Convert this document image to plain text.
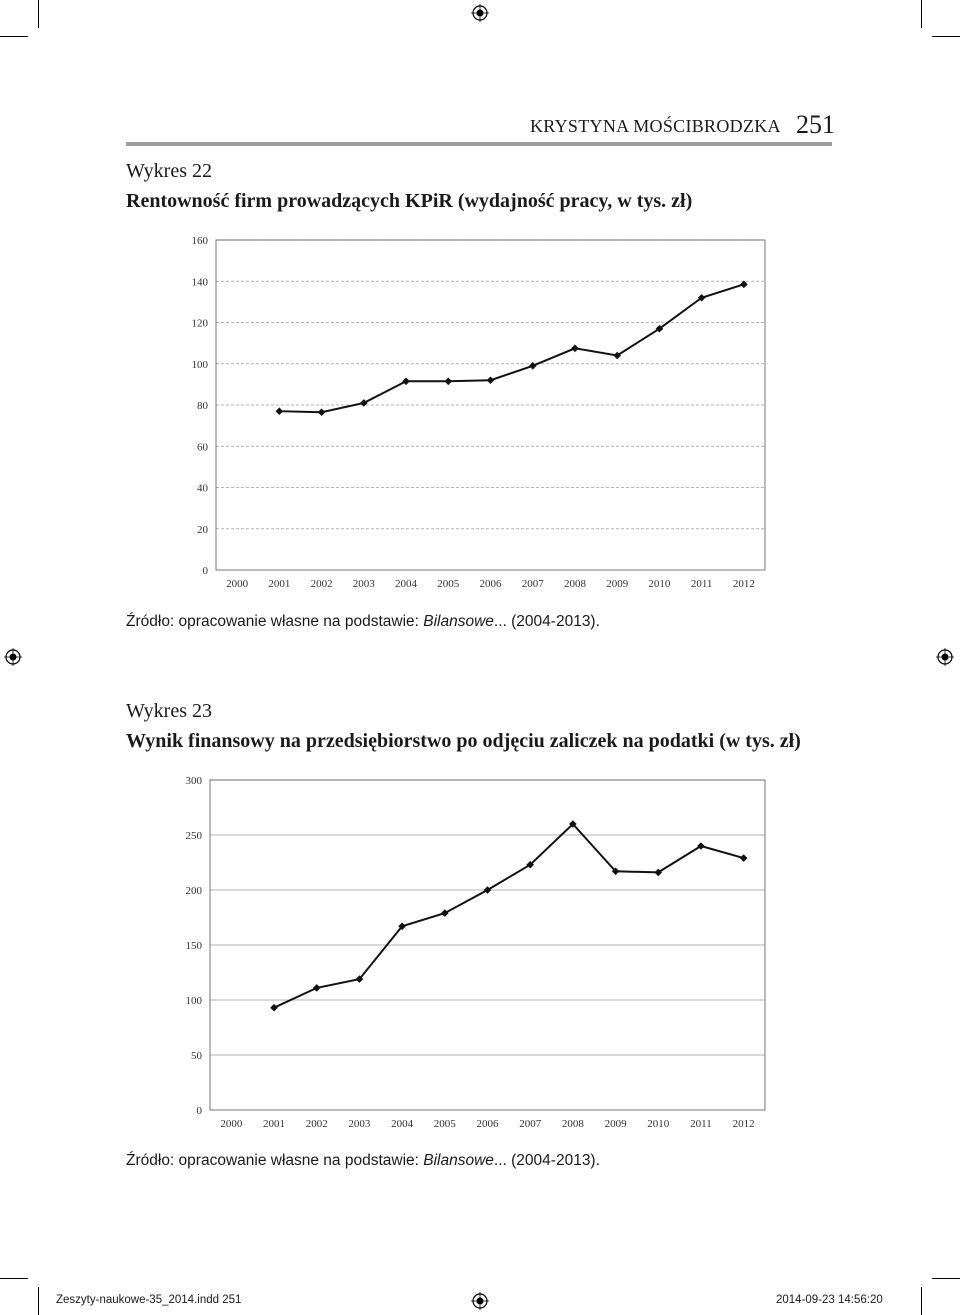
KRYSTYNA MOŚCIBRODZKA 251
Wykres 22
Rentowność firm prowadzących KPiR (wydajność pracy, w tys. zł)
0
20
40
60
80
100
120
140
160
2000 2001 2002 2003 2004 2005 2006 2007 2008 2009 2010 2011 2012
Źródło: opracowanie własne na podstawie: Bilansowe... (2004-2013).
Wykres 23
Wynik finansowy na przedsiębiorstwo po odjęciu zaliczek na podatki (w tys. zł)
0
50
100
150
200
250
300
2000 2001 2002 2003 2004 2005 2006 2007 2008 2009 2010 2011 2012
Źródło: opracowanie własne na podstawie: Bilansowe... (2004-2013).
Zeszyty-naukowe-35_2014.indd 251	2014-09-23 14:56:20
